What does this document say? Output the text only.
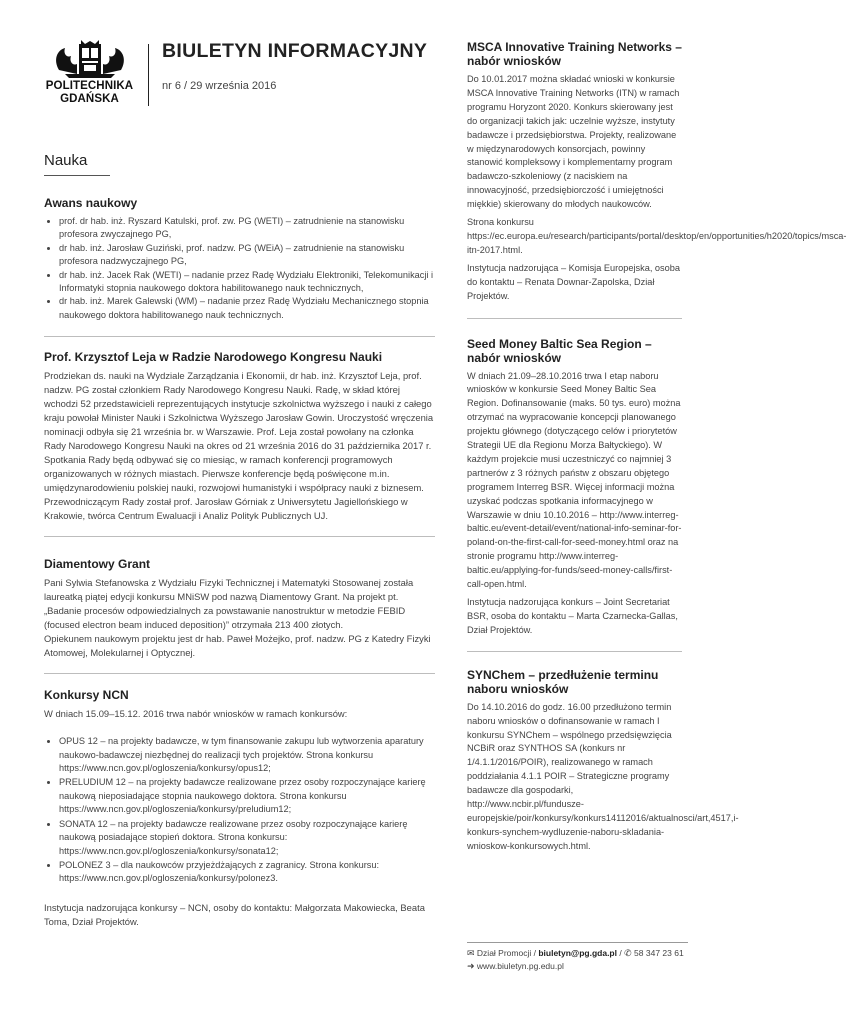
POLITECHNIKA
GDAŃSKA
BIULETYN INFORMACYJNY
nr 6 / 29 września 2016
Nauka
Awans naukowy
• prof. dr hab. inż. Ryszard Katulski, prof. zw. PG (WETI) – zatrudnienie na stanowisku profesora zwyczajnego PG,
• dr hab. inż. Jarosław Guziński, prof. nadzw. PG (WEiA) – zatrudnienie na stanowisku profesora nadzwyczajnego PG,
• dr hab. inż. Jacek Rak (WETI) – nadanie przez Radę Wydziału Elektroniki, Telekomunikacji i Informatyki stopnia naukowego doktora habilitowanego nauk technicznych,
• dr hab. inż. Marek Galewski (WM) – nadanie przez Radę Wydziału Mechanicznego stopnia naukowego doktora habilitowanego nauk technicznych.
Prof. Krzysztof Leja w Radzie Narodowego Kongresu Nauki

Prodziekan ds. nauki na Wydziale Zarządzania i Ekonomii, dr hab. inż. Krzysztof Leja, prof. nadzw. PG został członkiem Rady Narodowego Kongresu Nauki. Radę, w skład której wchodzi 52 przedstawicieli reprezentujących instytucje szkolnictwa wyższego i nauki z całego kraju powołał Minister Nauki i Szkolnictwa Wyższego Jarosław Gowin. Uroczystość wręczenia nominacji odbyła się 21 września br. w Warszawie. Prof. Leja został powołany na członka Rady Narodowego Kongresu Nauki na okres od 21 września 2016 do 31 października 2017 r. Spotkania Rady będą odbywać się co miesiąc, w ramach konferencji programowych organizowanych w różnych miastach. Pierwsze konferencje będą poświęcone m.in. umiędzynarodowieniu polskiej nauki, rozwojowi humanistyki i współpracy nauki z biznesem. Przewodniczącym Rady został prof. Jarosław Górniak z Uniwersytetu Jagiellońskiego w Krakowie, twórca Centrum Ewaluacji i Analiz Polityk Publicznych UJ.

Diamentowy Grant

Pani Sylwia Stefanowska z Wydziału Fizyki Technicznej i Matematyki Stosowanej została laureatką piątej edycji konkursu MNiSW pod nazwą Diamentowy Grant. Na projekt pt. „Badanie procesów odpowiedzialnych za powstawanie nanostruktur w metodzie FEBID (focused electron beam induced deposition)” otrzymała 213 400 złotych.

Opiekunem naukowym projektu jest dr hab. Paweł Możejko, prof. nadzw. PG z Katedry Fizyki Atomowej, Molekularnej i Optycznej.

Konkursy NCN

W dniach 15.09–15.12. 2016 trwa nabór wniosków w ramach konkursów:

• OPUS 12 – na projekty badawcze, w tym finansowanie zakupu lub wytworzenia aparatury naukowo-badawczej niezbędnej do realizacji tych projektów. Strona konkursu https://www.ncn.gov.pl/ogloszenia/konkursy/opus12;
• PRELUDIUM 12 – na projekty badawcze realizowane przez osoby rozpoczynające karierę naukową nieposiadające stopnia naukowego doktora. Strona konkursu https://www.ncn.gov.pl/ogloszenia/konkursy/preludium12;
• SONATA 12 – na projekty badawcze realizowane przez osoby rozpoczynające karierę naukową posiadające stopień doktora. Strona konkursu: https://www.ncn.gov.pl/ogloszenia/konkursy/sonata12;
• POLONEZ 3 – dla naukowców przyjeżdżających z zagranicy. Strona konkursu: https://www.ncn.gov.pl/ogloszenia/konkursy/polonez3.

Instytucja nadzorująca konkursy – NCN, osoby do kontaktu: Małgorzata Makowiecka, Beata Toma, Dział Projektów.

MSCA Innovative Training Networks – nabór wniosków

Do 10.01.2017 można składać wnioski w konkursie MSCA Innovative Training Networks (ITN) w ramach programu Horyzont 2020. Konkurs skierowany jest do organizacji takich jak: uczelnie wyższe, instytuty badawcze i przedsiębiorstwa. Projekty, realizowane w międzynarodowych konsorcjach, powinny stanowić kompleksowy i komplementarny program badawczo-szkoleniowy (z naciskiem na innowacyjność, przedsiębiorczość i umiejętności miękkie) skierowany do młodych naukowców.

Strona konkursu https://ec.europa.eu/research/participants/portal/desktop/en/opportunities/h2020/topics/msca-itn-2017.html.

Instytucja nadzorująca – Komisja Europejska, osoba do kontaktu – Renata Downar-Zapolska, Dział Projektów.

Seed Money Baltic Sea Region – nabór wniosków

W dniach 21.09–28.10.2016 trwa I etap naboru wniosków w konkursie Seed Money Baltic Sea Region. Dofinansowanie (maks. 50 tys. euro) można otrzymać na wypracowanie koncepcji planowanego projektu głównego (dotyczącego celów i priorytetów Strategii UE dla Regionu Morza Bałtyckiego). W każdym projekcie musi uczestniczyć co najmniej 3 partnerów z 3 różnych państw z obszaru objętego programem Interreg BSR. Więcej informacji można uzyskać podczas spotkania informacyjnego w Warszawie w dniu 10.10.2016 – http://www.interreg-baltic.eu/event-detail/event/national-info-seminar-for-poland-on-the-first-call-for-seed-money.html oraz na stronie programu http://www.interreg-baltic.eu/applying-for-funds/seed-money-calls/first-call-open.html.

Instytucja nadzorująca konkurs – Joint Secretariat BSR, osoba do kontaktu – Marta Czarnecka-Gallas, Dział Projektów.

SYNChem – przedłużenie terminu naboru wniosków

Do 14.10.2016 do godz. 16.00 przedłużono termin naboru wniosków o dofinansowanie w ramach I konkursu SYNChem – wspólnego przedsięwzięcia NCBiR oraz SYNTHOS SA (konkurs nr 1/4.1.1/2016/POIR), realizowanego w ramach poddziałania 4.1.1 POIR – Strategiczne programy badawcze dla gospodarki, http://www.ncbir.pl/fundusze-europejskie/poir/konkursy/konkurs14112016/aktualnosci/art,4517,i-konkurs-synchem-wydluzenie-naboru-skladania-wnioskow-konkursowych.html.

✉ Dział Promocji / biuletyn@pg.gda.pl / ✆ 58 347 23 61
➜ www.biuletyn.pg.edu.pl
